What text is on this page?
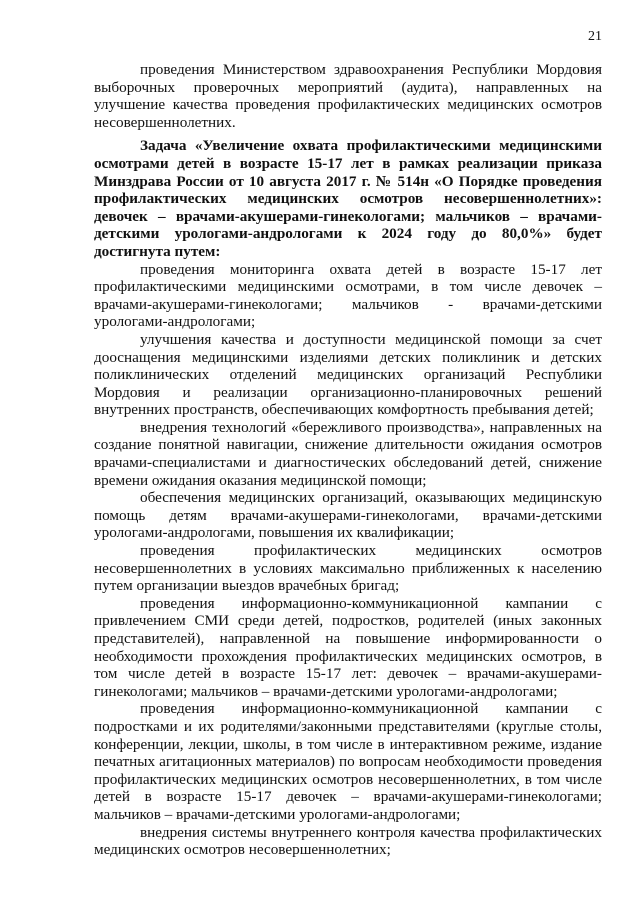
21

проведения Министерством здравоохранения Республики Мордовия выборочных проверочных мероприятий (аудита), направленных на улучшение качества проведения профилактических медицинских осмотров несовершеннолетних.

Задача «Увеличение охвата профилактическими медицинскими осмотрами детей в возрасте 15-17 лет в рамках реализации приказа Минздрава России от 10 августа 2017 г. № 514н «О Порядке проведения профилактических медицинских осмотров несовершеннолетних»: девочек – врачами-акушерами-гинекологами; мальчиков – врачами-детскими урологами-андрологами к 2024 году до 80,0%» будет достигнута путем:

проведения мониторинга охвата детей в возрасте 15-17 лет профилактическими медицинскими осмотрами, в том числе девочек – врачами-акушерами-гинекологами; мальчиков - врачами-детскими урологами-андрологами;

улучшения качества и доступности медицинской помощи за счет дооснащения медицинскими изделиями детских поликлиник и детских поликлинических отделений медицинских организаций Республики Мордовия и реализации организационно-планировочных решений внутренних пространств, обеспечивающих комфортность пребывания детей;

внедрения технологий «бережливого производства», направленных на создание понятной навигации, снижение длительности ожидания осмотров врачами-специалистами и диагностических обследований детей, снижение времени ожидания оказания медицинской помощи;

обеспечения медицинских организаций, оказывающих медицинскую помощь детям врачами-акушерами-гинекологами, врачами-детскими урологами-андрологами, повышения их квалификации;

проведения профилактических медицинских осмотров несовершеннолетних в условиях максимально приближенных к населению путем организации выездов врачебных бригад;

проведения информационно-коммуникационной кампании с привлечением СМИ среди детей, подростков, родителей (иных законных представителей), направленной на повышение информированности о необходимости прохождения профилактических медицинских осмотров, в том числе детей в возрасте 15-17 лет: девочек – врачами-акушерами-гинекологами; мальчиков – врачами-детскими урологами-андрологами;

проведения информационно-коммуникационной кампании с подростками и их родителями/законными представителями (круглые столы, конференции, лекции, школы, в том числе в интерактивном режиме, издание печатных агитационных материалов) по вопросам необходимости проведения профилактических медицинских осмотров несовершеннолетних, в том числе детей в возрасте 15-17 девочек – врачами-акушерами-гинекологами; мальчиков – врачами-детскими урологами-андрологами;

внедрения системы внутреннего контроля качества профилактических медицинских осмотров несовершеннолетних;
